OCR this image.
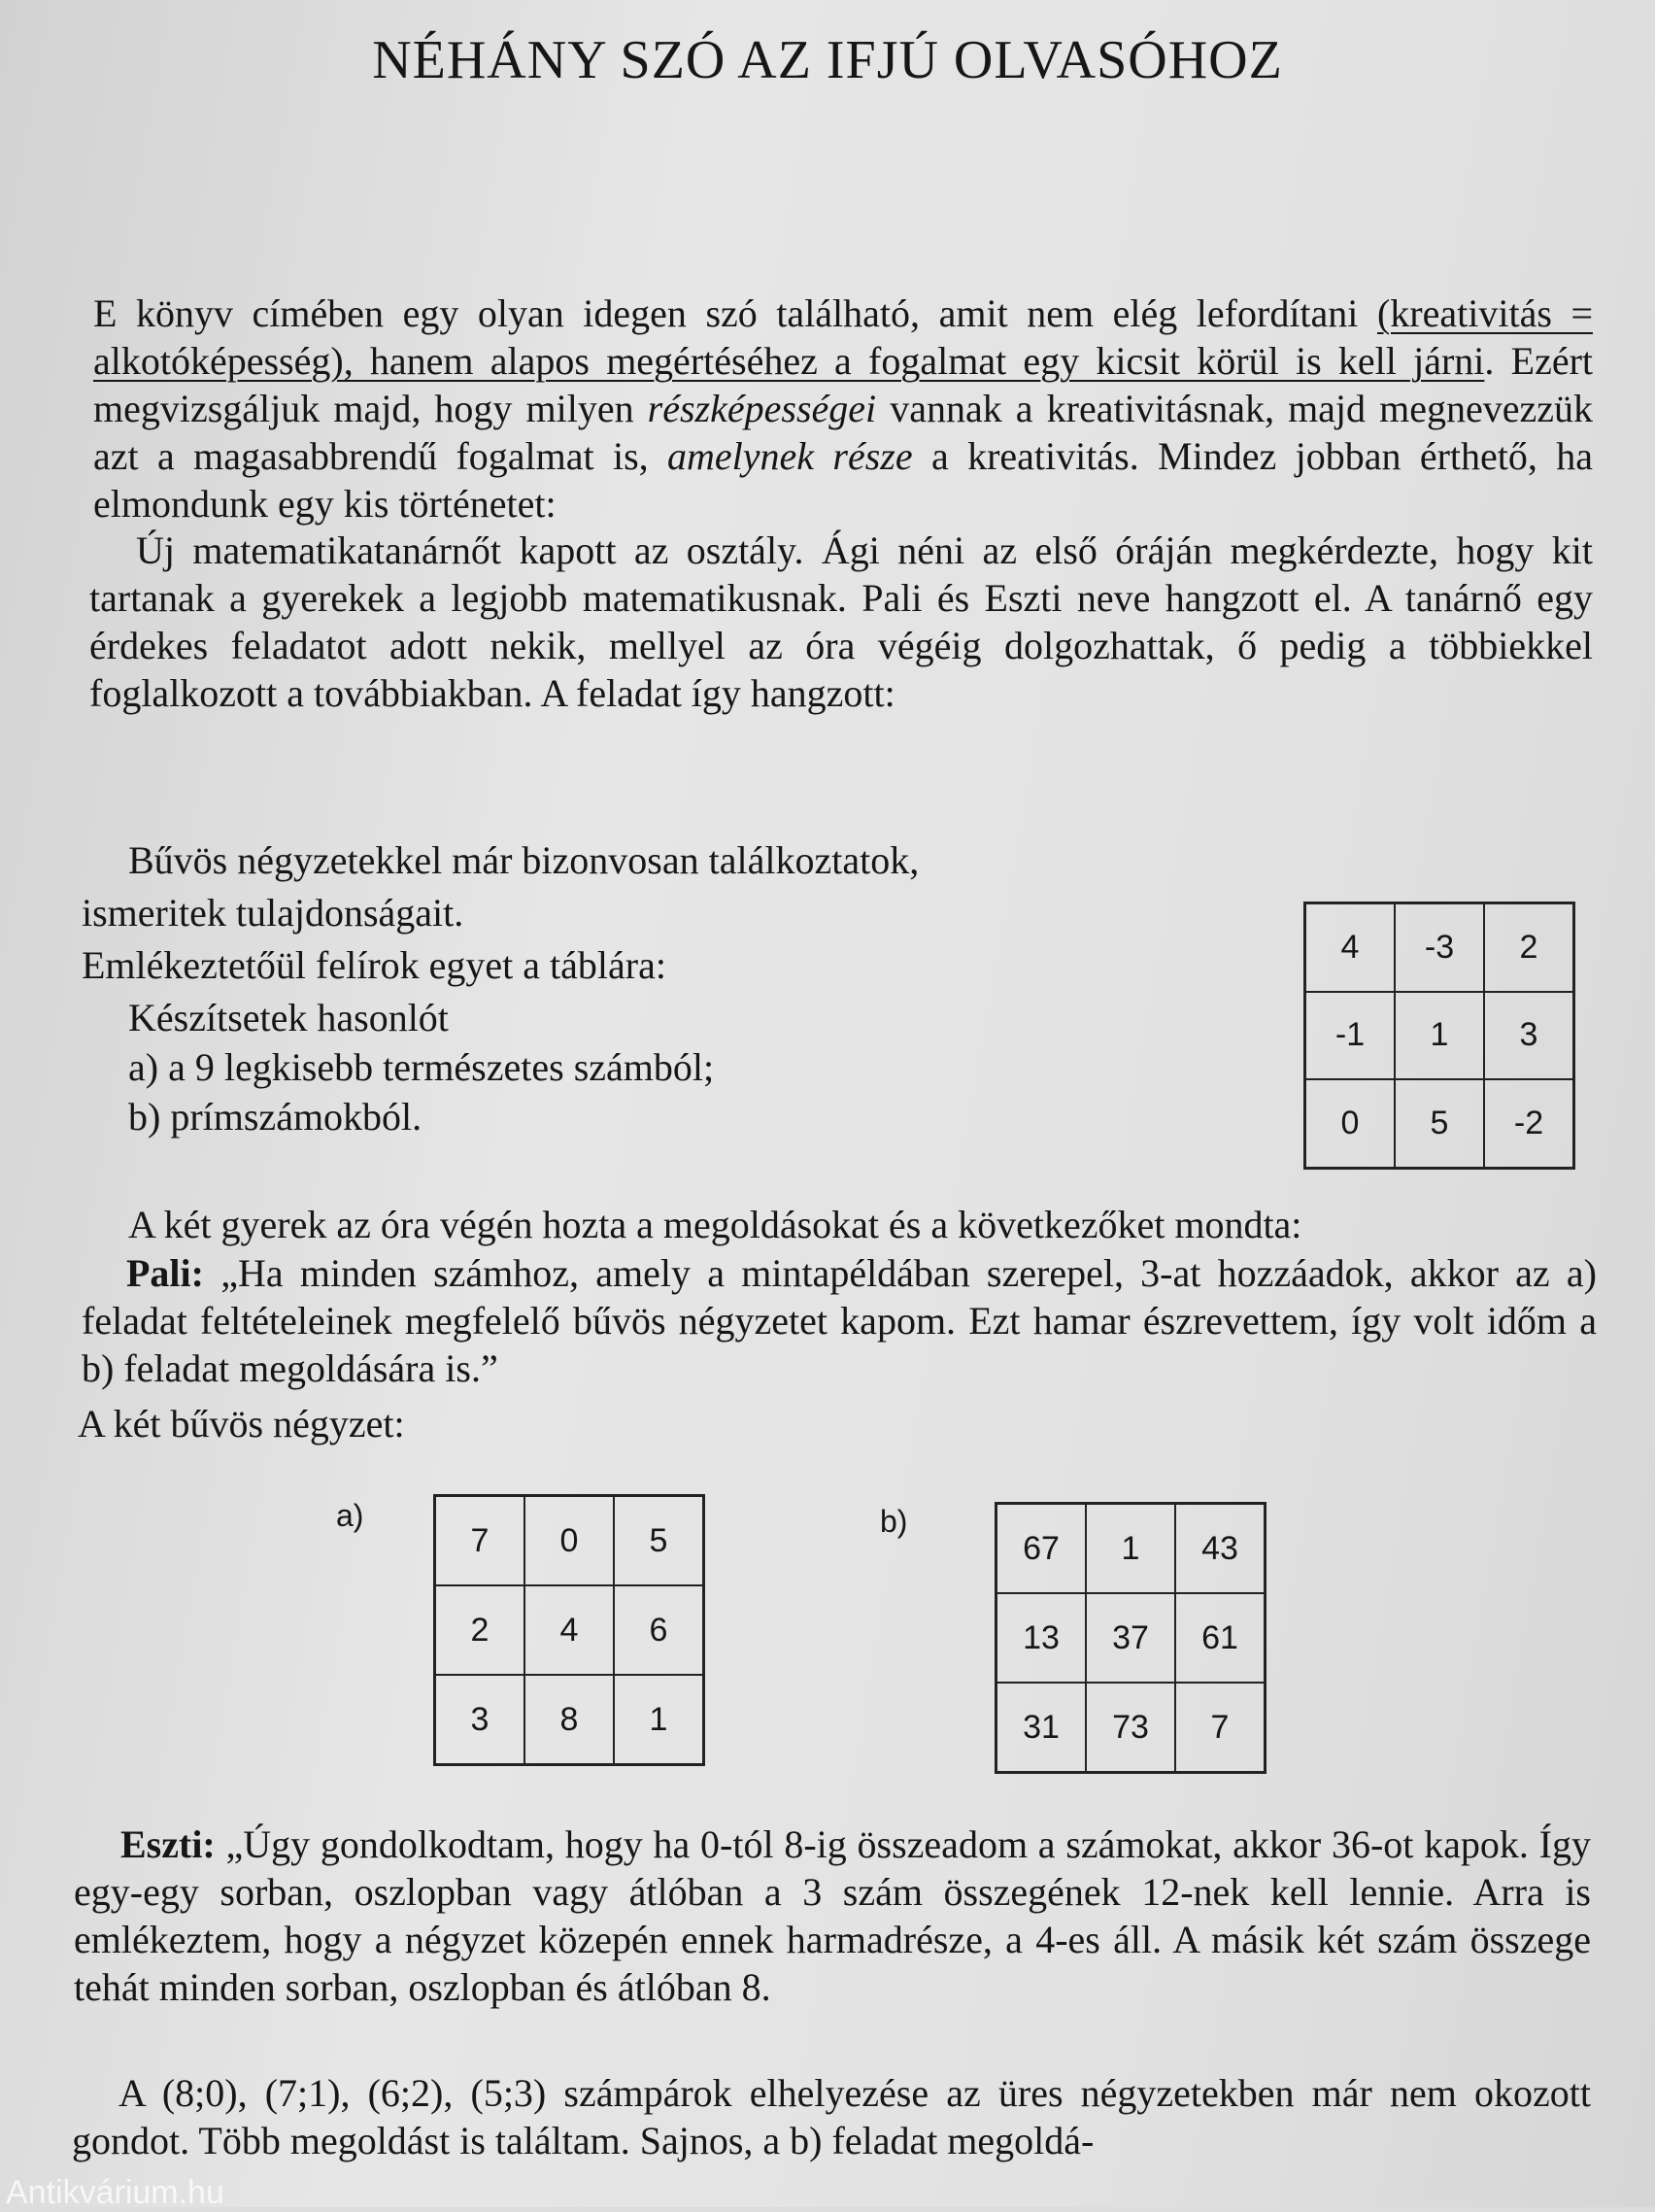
NÉHÁNY SZÓ AZ IFJÚ OLVASÓHOZ

E könyv címében egy olyan idegen szó található, amit nem elég lefordítani (kreativitás = alkotóképesség), hanem alapos megértéséhez a fogalmat egy kicsit körül is kell járni. Ezért megvizsgáljuk majd, hogy milyen részképességei vannak a kreativitásnak, majd megnevezzük azt a magasabbrendű fogalmat is, amelynek része a kreativitás. Mindez jobban érthető, ha elmondunk egy kis történetet:

Új matematikatanárnőt kapott az osztály. Ági néni az első óráján megkérdezte, hogy kit tartanak a gyerekek a legjobb matematikusnak. Pali és Eszti neve hangzott el. A tanárnő egy érdekes feladatot adott nekik, mellyel az óra végéig dolgozhattak, ő pedig a többiekkel foglalkozott a továbbiakban. A feladat így hangzott:

Bűvös négyzetekkel már bizonvosan találkoztatok,

ismeritek tulajdonságait.

Emlékeztetőül felírok egyet a táblára:

Készítsetek hasonlót

a) a 9 legkisebb természetes számból;

b) prímszámokból.

4	-3	2
-1	1	3
0	5	-2

A két gyerek az óra végén hozta a megoldásokat és a következőket mondta:

Pali: „Ha minden számhoz, amely a mintapéldában szerepel, 3-at hozzáadok, akkor az a) feladat feltételeinek megfelelő bűvös négyzetet kapom. Ezt hamar észrevettem, így volt időm a b) feladat megoldására is.”

A két bűvös négyzet:

a)
7	0	5
2	4	6
3	8	1
b)
67	1	43
13	37	61
31	73	7

Eszti: „Úgy gondolkodtam, hogy ha 0-tól 8-ig összeadom a számokat, akkor 36-ot kapok. Így egy-egy sorban, oszlopban vagy átlóban a 3 szám összegének 12-nek kell lennie. Arra is emlékeztem, hogy a négyzet közepén ennek harmadrésze, a 4-es áll. A másik két szám összege tehát minden sorban, oszlopban és átlóban 8.

A (8;0), (7;1), (6;2), (5;3) számpárok elhelyezése az üres négyzetekben már nem okozott gondot. Több megoldást is találtam. Sajnos, a b) feladat megoldá-

Antikvárium.hu
